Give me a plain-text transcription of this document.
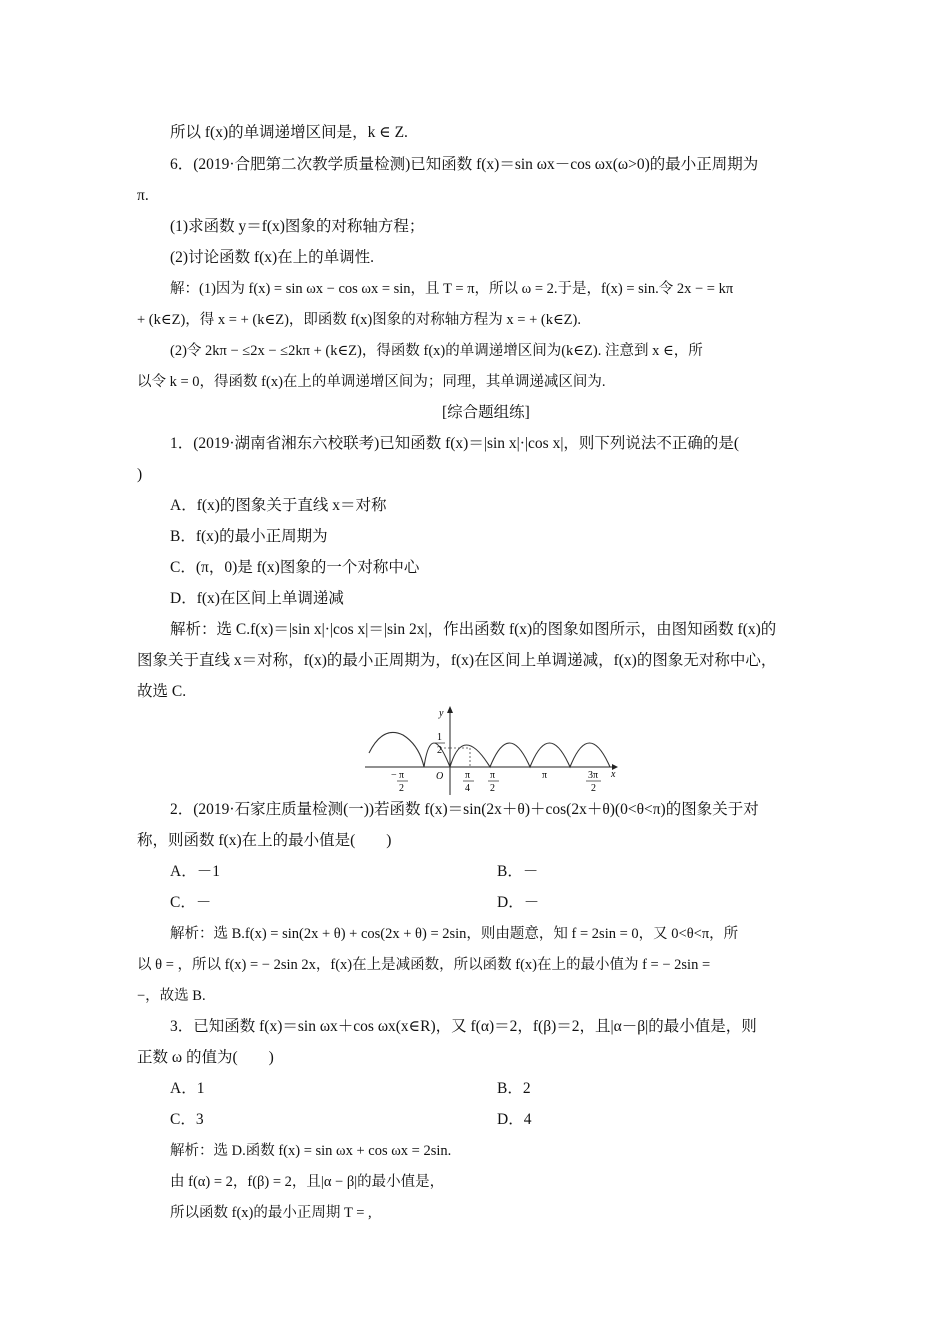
所以 f(x)的单调递增区间是，k ∈ Z.
6．(2019·合肥第二次教学质量检测)已知函数 f(x)＝sin ωx－cos ωx(ω>0)的最小正周期为
π.
(1)求函数 y＝f(x)图象的对称轴方程；
(2)讨论函数 f(x)在上的单调性.
解：(1)因为 f(x) = sin ωx − cos ωx = sin，且 T = π，所以 ω = 2.于是，f(x) = sin.令 2x − = kπ
+ (k∈Z)，得 x = + (k∈Z)，即函数 f(x)图象的对称轴方程为 x = + (k∈Z).
(2)令 2kπ − ≤2x − ≤2kπ + (k∈Z)，得函数 f(x)的单调递增区间为(k∈Z). 注意到 x ∈，所
以令 k = 0，得函数 f(x)在上的单调递增区间为；同理，其单调递减区间为.
[综合题组练]
1．(2019·湖南省湘东六校联考)已知函数 f(x)＝|sin x|·|cos x|，则下列说法不正确的是(
)
A．f(x)的图象关于直线 x＝对称
B．f(x)的最小正周期为
C．(π，0)是 f(x)图象的一个对称中心
D．f(x)在区间上单调递减
解析：选 C.f(x)＝|sin x|·|cos x|＝|sin 2x|，作出函数 f(x)的图象如图所示，由图知函数 f(x)的
图象关于直线 x＝对称，f(x)的最小正周期为，f(x)在区间上单调递减，f(x)的图象无对称中心，
故选 C.
y
x
O
1
2
− π
2
π
4
π
2
π	3π
2
2．(2019·石家庄质量检测(一))若函数 f(x)＝sin(2x＋θ)＋cos(2x＋θ)(0<θ<π)的图象关于对
称，则函数 f(x)在上的最小值是(　　)
A．－1	B．－
C．－	D．－
解析：选 B.f(x) = sin(2x + θ) + cos(2x + θ) = 2sin，则由题意，知 f = 2sin = 0，又 0<θ<π，所
以 θ = ，所以 f(x) = − 2sin 2x，f(x)在上是减函数，所以函数 f(x)在上的最小值为 f = − 2sin =
−，故选 B.
3．已知函数 f(x)＝sin ωx＋cos ωx(x∈R)，又 f(α)＝2，f(β)＝2，且|α－β|的最小值是，则
正数 ω 的值为(　　)
A．1	B．2
C．3	D．4
解析：选 D.函数 f(x) = sin ωx + cos ωx = 2sin.
由 f(α) = 2，f(β) = 2，且|α − β|的最小值是，
所以函数 f(x)的最小正周期 T = ,
